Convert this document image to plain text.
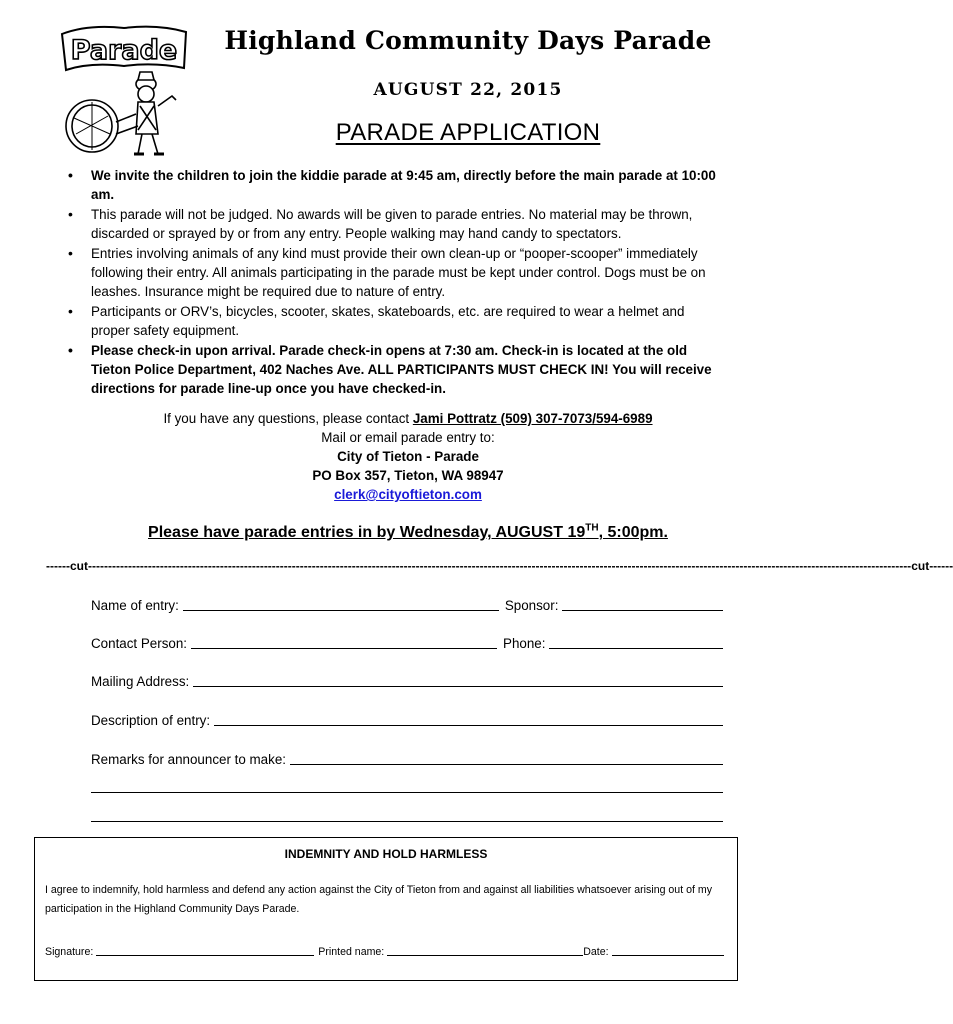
Parade Highland Community Days Parade
AUGUST 22, 2015
PARADE APPLICATION
• We invite the children to join the kiddie parade at 9:45 am, directly before the main parade at 10:00 am.
• This parade will not be judged. No awards will be given to parade entries. No material may be thrown, discarded or sprayed by or from any entry. People walking may hand candy to spectators.
• Entries involving animals of any kind must provide their own clean-up or “pooper-scooper” immediately following their entry. All animals participating in the parade must be kept under control. Dogs must be on leashes. Insurance might be required due to nature of entry.
• Participants or ORV’s, bicycles, scooter, skates, skateboards, etc. are required to wear a helmet and proper safety equipment.
• Please check-in upon arrival. Parade check-in opens at 7:30 am. Check-in is located at the old Tieton Police Department, 402 Naches Ave. ALL PARTICIPANTS MUST CHECK IN! You will receive directions for parade line-up once you have checked-in.
If you have any questions, please contact Jami Pottratz (509) 307-7073/594-6989
Mail or email parade entry to:
City of Tieton - Parade
PO Box 357, Tieton, WA 98947
clerk@cityoftieton.com
Please have parade entries in by Wednesday, AUGUST 19TH, 5:00pm.
------cut -------------------------------------------------------------------------------------------------------------------------------------------------------------------------------------------------------------- cut------
Name of entry:	Sponsor:
Contact Person:	Phone:
Mailing Address:
Description of entry:
Remarks for announcer to make:
INDEMNITY AND HOLD HARMLESS
I agree to indemnify, hold harmless and defend any action against the City of Tieton from and against all liabilities whatsoever arising out of my participation in the Highland Community Days Parade.
Signature:	Printed name:	Date:
